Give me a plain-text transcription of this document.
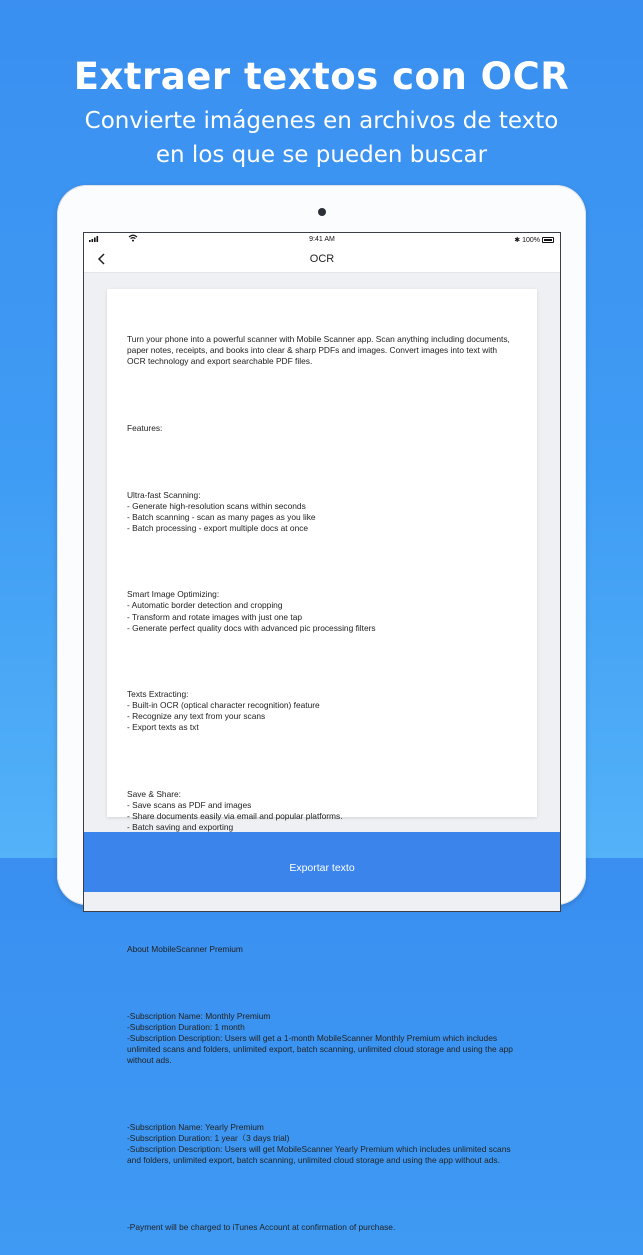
Extraer textos con OCR
Convierte imágenes en archivos de texto
en los que se pueden buscar
9:41 AM	✱ 100%
OCR

Turn your phone into a powerful scanner with Mobile Scanner app. Scan anything including documents, paper notes, receipts, and books into clear & sharp PDFs and images. Convert images into text with OCR technology and export searchable PDF files.

Features:

Ultra-fast Scanning:
- Generate high-resolution scans within seconds
- Batch scanning - scan as many pages as you like
- Batch processing - export multiple docs at once

Smart Image Optimizing:
- Automatic border detection and cropping
- Transform and rotate images with just one tap
- Generate perfect quality docs with advanced pic processing filters

Texts Extracting:
- Built-in OCR (optical character recognition) feature
- Recognize any text from your scans
- Export texts as txt

Save & Share:
- Save scans as PDF and images
- Share documents easily via email and popular platforms.
- Batch saving and exporting

About MobileScanner Premium

-Subscription Name: Monthly Premium
-Subscription Duration: 1 month
-Subscription Description: Users will get a 1-month MobileScanner Monthly Premium which includes unlimited scans and folders, unlimited export, batch scanning, unlimited cloud storage and using the app without ads.

-Subscription Name: Yearly Premium
-Subscription Duration: 1 year（3 days trial)
-Subscription Description: Users will get MobileScanner Yearly Premium which includes unlimited scans and folders, unlimited export, batch scanning, unlimited cloud storage and using the app without ads.

-Payment will be charged to iTunes Account at confirmation of purchase.

Exportar texto
